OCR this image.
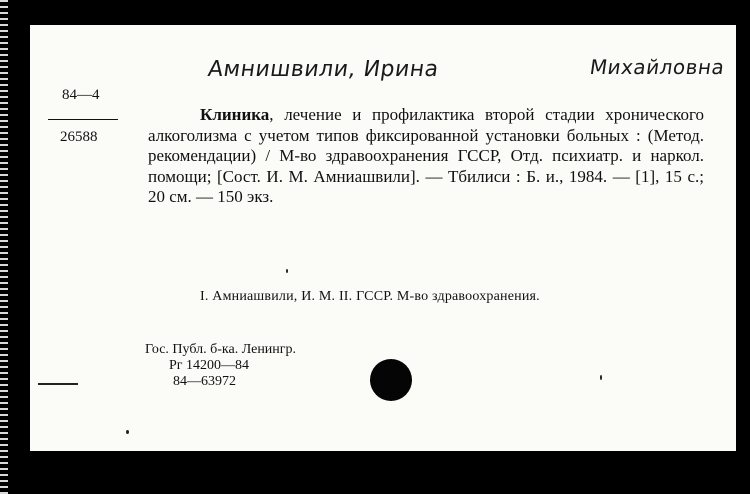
Амнишвили, Ирина	Михайловна
84—4
26588
Клиника, лечение и профилактика второй стадии хронического алкоголизма с учетом типов фиксированной установки больных : (Метод. рекомендации) / М-во здравоохранения ГССР, Отд. психиатр. и наркол. помощи; [Сост. И. М. Амниашвили]. — Тбилиси : Б. и., 1984. — [1], 15 с.; 20 см. — 150 экз.
I. Амниашвили, И. М. II. ГССР. М-во здравоохранения.
Гос. Публ. б-ка. Ленингр.
Рг 14200—84
84—63972
